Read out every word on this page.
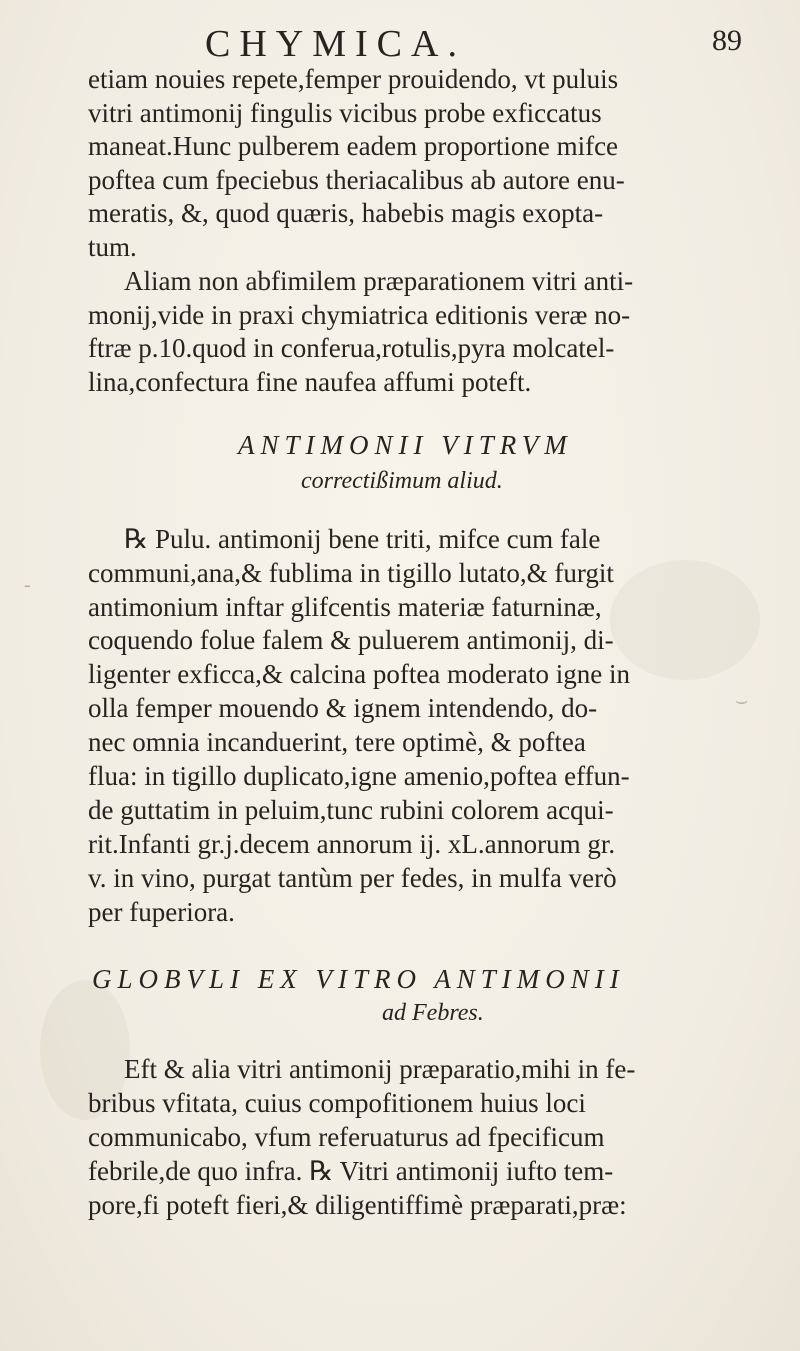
⌣
-
CHYMICA.	89
etiam nouies repete,femper prouidendo, vt puluis
vitri antimonij fingulis vicibus probe exficcatus
maneat.Hunc pulberem eadem proportione mifce
poftea cum fpeciebus theriacalibus ab autore enu-
meratis, &, quod quæris, habebis magis exopta-
tum.
Aliam non abfimilem præparationem vitri anti-
monij,vide in praxi chymiatrica editionis veræ no-
ftræ p.10.quod in conferua,rotulis,pyra molcatel-
lina,confectura fine naufea affumi poteft.
ANTIMONII VITRVM
correctißimum aliud.
℞ Pulu. antimonij bene triti, mifce cum fale
communi,ana,& fublima in tigillo lutato,& furgit
antimonium inftar glifcentis materiæ faturninæ,
coquendo folue falem & puluerem antimonij, di-
ligenter exficca,& calcina poftea moderato igne in
olla femper mouendo & ignem intendendo, do-
nec omnia incanduerint, tere optimè, & poftea
flua: in tigillo duplicato,igne amenio,poftea effun-
de guttatim in peluim,tunc rubini colorem acqui-
rit.Infanti gr.j.decem annorum ij. xL.annorum gr.
v. in vino, purgat tantùm per fedes, in mulfa verò
per fuperiora.
GLOBVLI EX VITRO ANTIMONII
ad Febres.
Eft & alia vitri antimonij præparatio,mihi in fe-
bribus vfitata, cuius compofitionem huius loci
communicabo, vfum referuaturus ad fpecificum
febrile,de quo infra. ℞ Vitri antimonij iufto tem-
pore,fi poteft fieri,& diligentiffimè præparati,præ:
